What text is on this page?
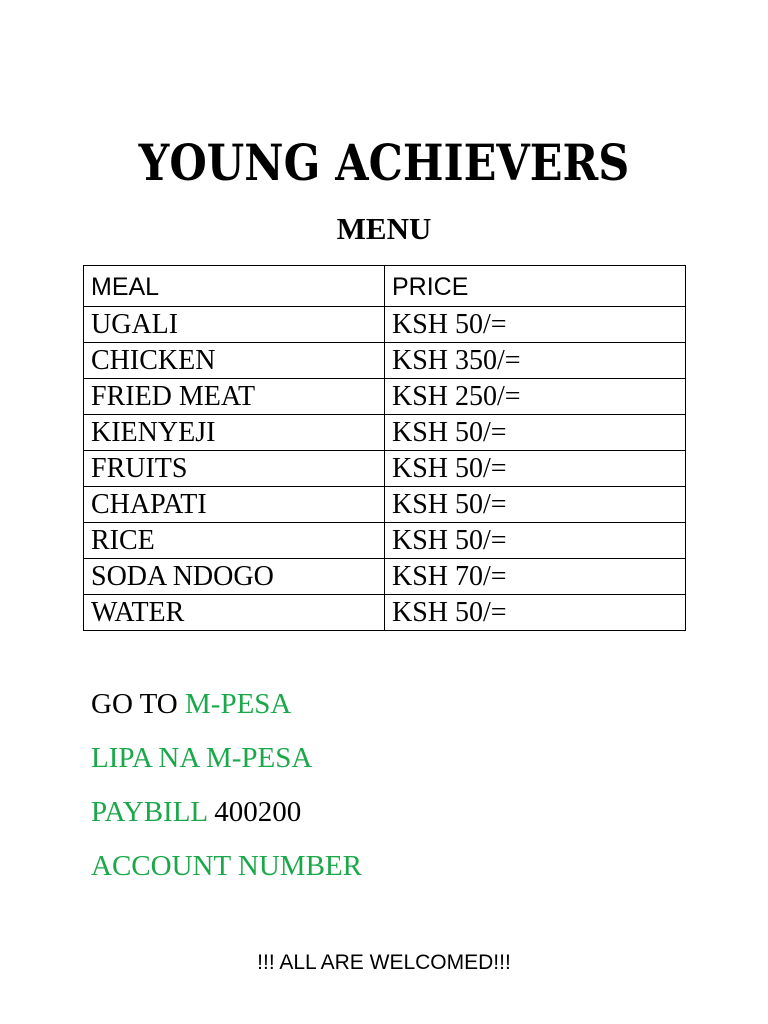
YOUNG ACHIEVERS
MENU
MEAL	PRICE
UGALI	KSH 50/=
CHICKEN	KSH 350/=
FRIED MEAT	KSH 250/=
KIENYEJI	KSH 50/=
FRUITS	KSH 50/=
CHAPATI	KSH 50/=
RICE	KSH 50/=
SODA NDOGO	KSH 70/=
WATER	KSH 50/=
GO TO M-PESA
LIPA NA M-PESA
PAYBILL 400200
ACCOUNT NUMBER
!!! ALL ARE WELCOMED!!!
